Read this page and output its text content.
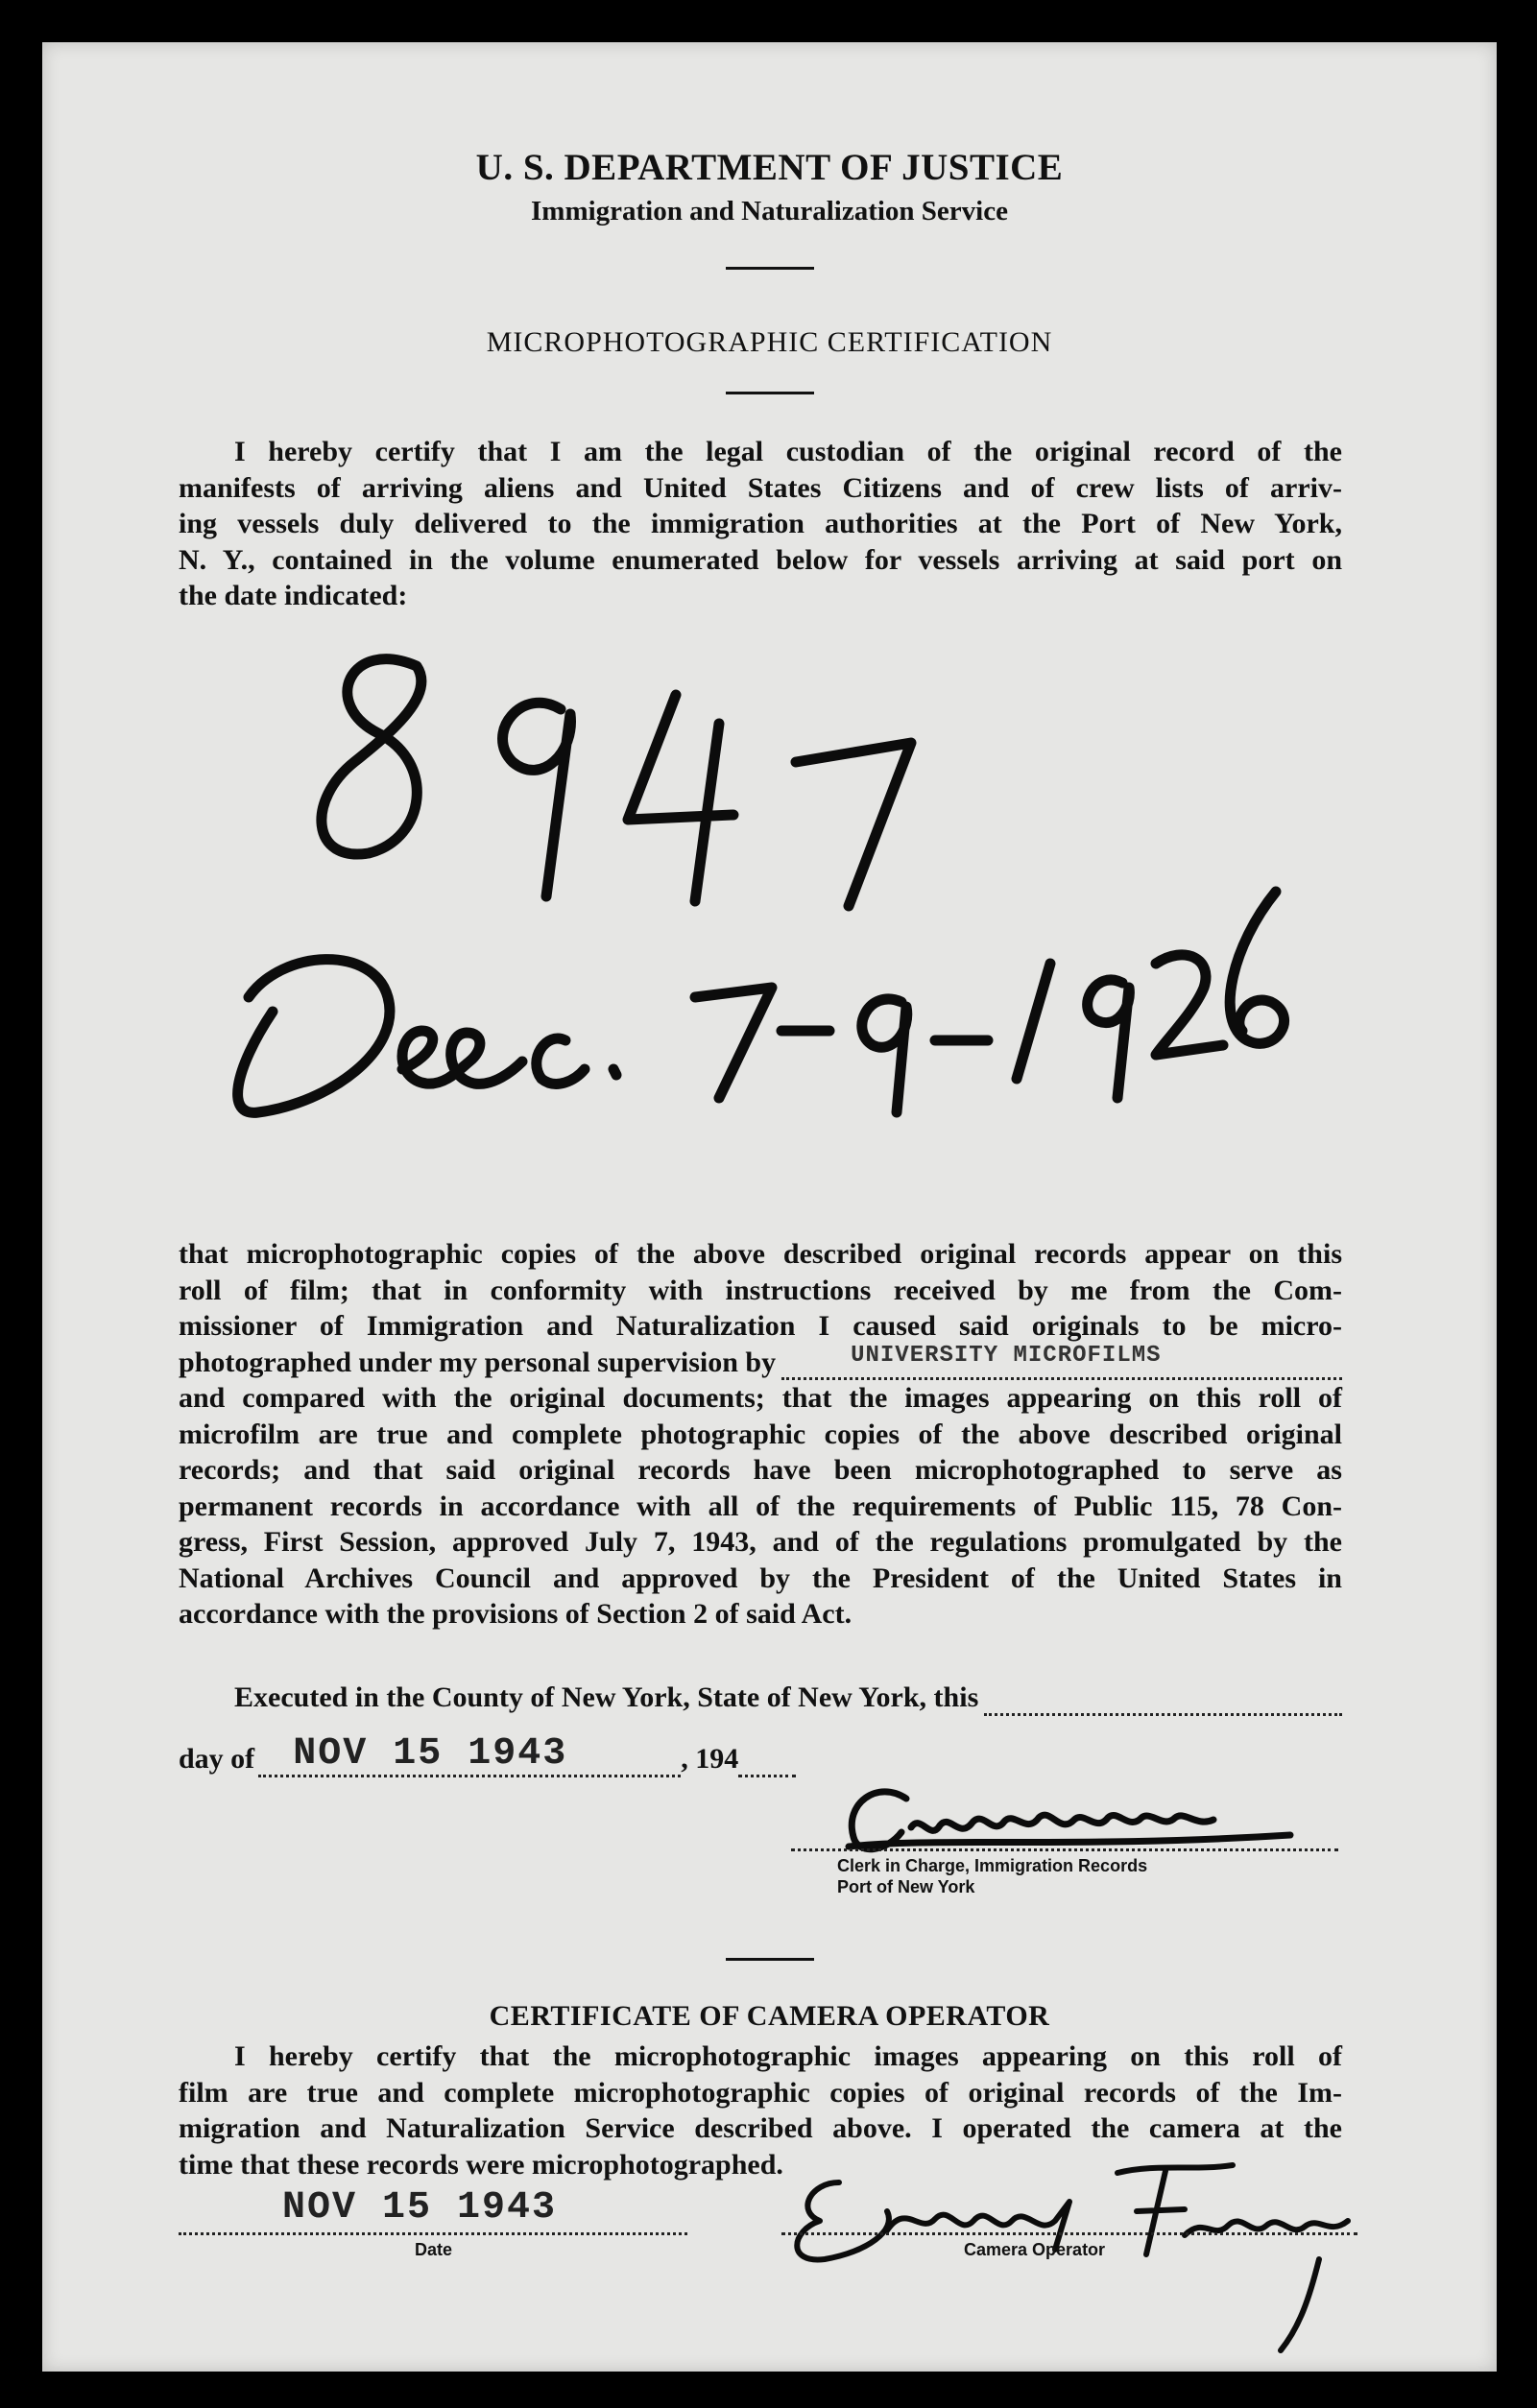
U. S. DEPARTMENT OF JUSTICE
Immigration and Naturalization Service
MICROPHOTOGRAPHIC CERTIFICATION
I hereby certify that I am the legal custodian of the original record of the
manifests of arriving aliens and United States Citizens and of crew lists of arriv-
ing vessels duly delivered to the immigration authorities at the Port of New York,
N. Y., contained in the volume enumerated below for vessels arriving at said port on
the date indicated:
that microphotographic copies of the above described original records appear on this
roll of film; that in conformity with instructions received by me from the Com-
missioner of Immigration and Naturalization I caused said originals to be micro-
photographed under my personal supervision by	UNIVERSITY MICROFILMS
and compared with the original documents; that the images appearing on this roll of
microfilm are true and complete photographic copies of the above described original
records; and that said original records have been microphotographed to serve as
permanent records in accordance with all of the requirements of Public 115, 78 Con-
gress, First Session, approved July 7, 1943, and of the regulations promulgated by the
National Archives Council and approved by the President of the United States in
accordance with the provisions of Section 2 of said Act.
Executed in the County of New York, State of New York, this
day of NOV 15 1943	, 194
Clerk in Charge, Immigration Records
Port of New York
CERTIFICATE OF CAMERA OPERATOR
I hereby certify that the microphotographic images appearing on this roll of
film are true and complete microphotographic copies of original records of the Im-
migration and Naturalization Service described above. I operated the camera at the
time that these records were microphotographed.
NOV 15 1943
Date	Camera Operator
